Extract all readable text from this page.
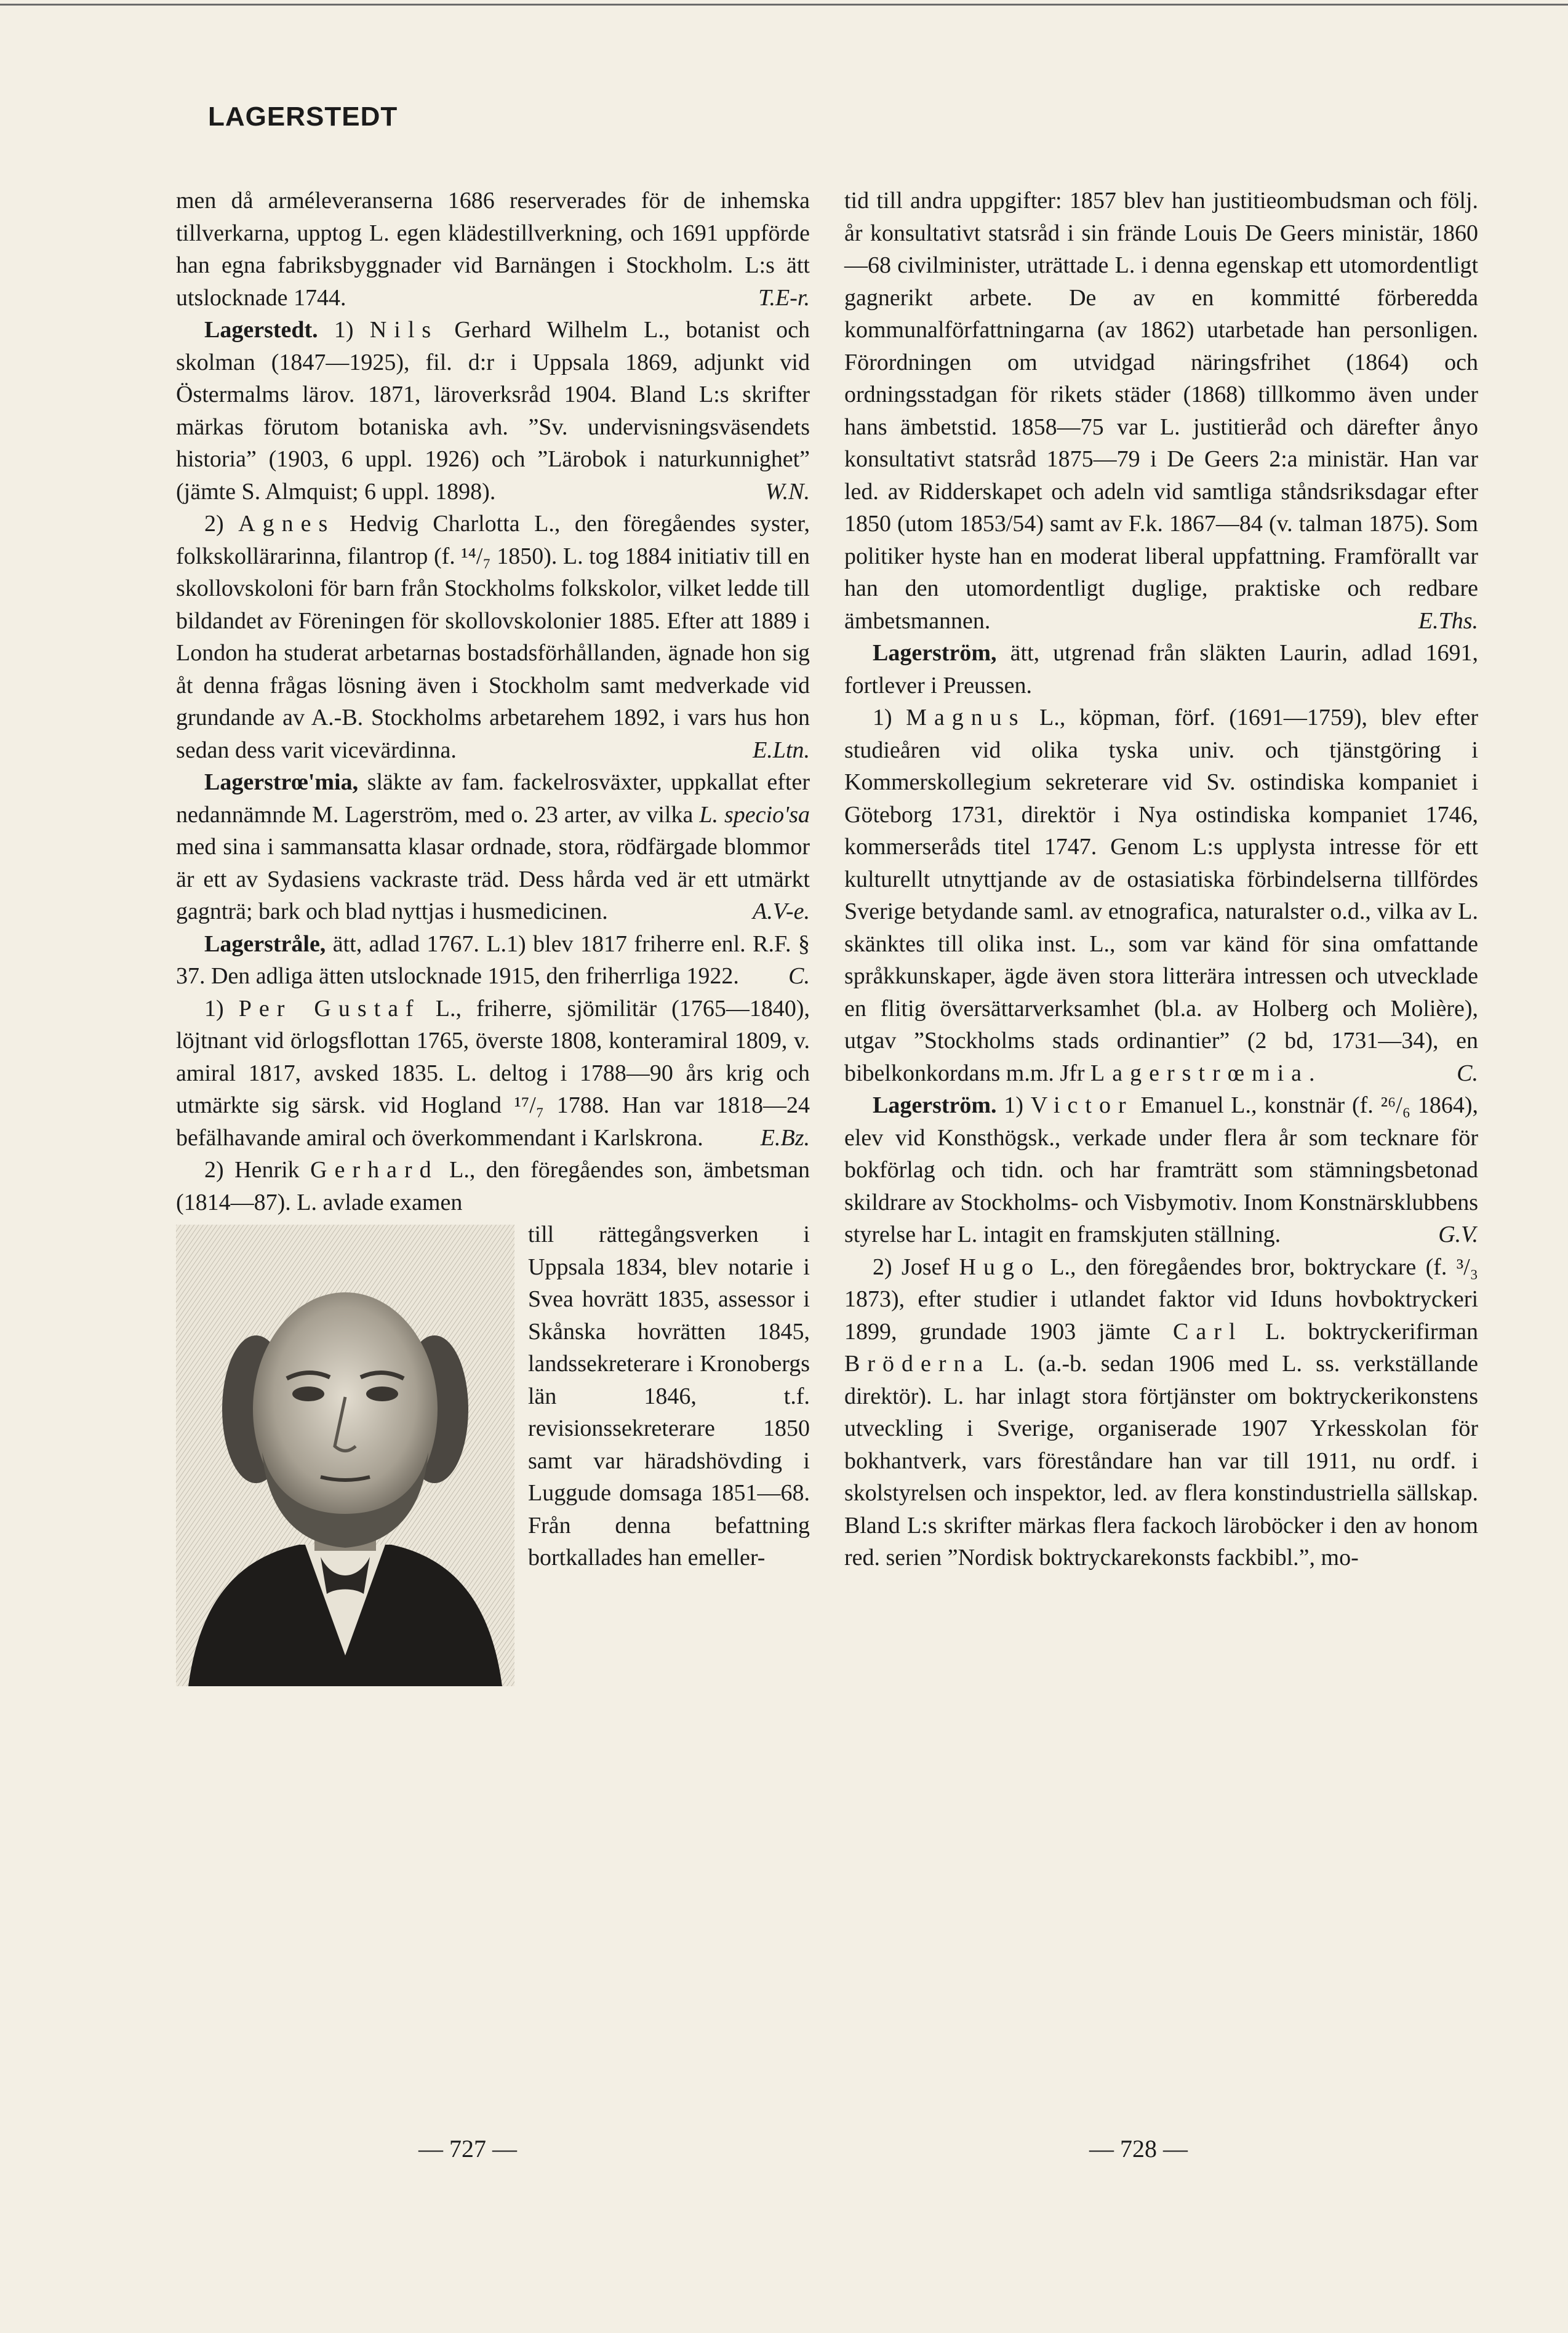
LAGERSTEDT

men då arméleveranserna 1686 reserverades för de inhemska tillverkarna, upptog L. egen klädestillverkning, och 1691 uppförde han egna fabriksbyggnader vid Barnängen i Stockholm. L:s ätt utslocknade 1744.	T.E-r.

Lagerstedt. 1) Nils Gerhard Wilhelm L., botanist och skolman (1847—1925), fil. d:r i Uppsala 1869, adjunkt vid Östermalms lärov. 1871, läroverksråd 1904. Bland L:s skrifter märkas förutom botaniska avh. ”Sv. undervisningsväsendets historia” (1903, 6 uppl. 1926) och ”Lärobok i naturkunnighet” (jämte S. Almquist; 6 uppl. 1898).	W.N.

2) Agnes Hedvig Charlotta L., den föregåendes syster, folkskollärarinna, filantrop (f. ¹⁴/₇ 1850). L. tog 1884 initiativ till en skollovskoloni för barn från Stockholms folkskolor, vilket ledde till bildandet av Föreningen för skollovskolonier 1885. Efter att 1889 i London ha studerat arbetarnas bostadsförhållanden, ägnade hon sig åt denna frågas lösning även i Stockholm samt medverkade vid grundande av A.-B. Stockholms arbetarehem 1892, i vars hus hon sedan dess varit vicevärdinna.	E.Ltn.

Lagerstrœ'mia, släkte av fam. fackelrosväxter, uppkallat efter nedannämnde M. Lagerström, med o. 23 arter, av vilka L. specio'sa med sina i sammansatta klasar ordnade, stora, rödfärgade blommor är ett av Sydasiens vackraste träd. Dess hårda ved är ett utmärkt gagnträ; bark och blad nyttjas i husmedicinen.	A.V-e.

Lagerstråle, ätt, adlad 1767. L.1) blev 1817 friherre enl. R.F. § 37. Den adliga ätten utslocknade 1915, den friherrliga 1922.	C.

1) Per Gustaf L., friherre, sjömilitär (1765—1840), löjtnant vid örlogsflottan 1765, överste 1808, konteramiral 1809, v. amiral 1817, avsked 1835. L. deltog i 1788—90 års krig och utmärkte sig särsk. vid Hogland ¹⁷/₇ 1788. Han var 1818—24 befälhavande amiral och överkommendant i Karlskrona.	E.Bz.

2) Henrik Gerhard L., den föregåendes son, ämbetsman (1814—87). L. avlade examen

till rättegångsverken i Uppsala 1834, blev notarie i Svea hovrätt 1835, assessor i Skånska hovrätten 1845, landssekreterare i Kronobergs län 1846, t.f. revisionssekreterare 1850 samt var häradshövding i Luggude domsaga 1851—68. Från denna befattning bortkallades han emeller-

tid till andra uppgifter: 1857 blev han justitieombudsman och följ. år konsultativt statsråd i sin frände Louis De Geers ministär, 1860—68 civilminister, uträttade L. i denna egenskap ett utomordentligt gagnerikt arbete. De av en kommitté förberedda kommunalförfattningarna (av 1862) utarbetade han personligen. Förordningen om utvidgad näringsfrihet (1864) och ordningsstadgan för rikets städer (1868) tillkommo även under hans ämbetstid. 1858—75 var L. justitieråd och därefter ånyo konsultativt statsråd 1875—79 i De Geers 2:a ministär. Han var led. av Ridderskapet och adeln vid samtliga ståndsriksdagar efter 1850 (utom 1853/54) samt av F.k. 1867—84 (v. talman 1875). Som politiker hyste han en moderat liberal uppfattning. Framförallt var han den utomordentligt duglige, praktiske och redbare ämbetsmannen.	E.Ths.

Lagerström, ätt, utgrenad från släkten Laurin, adlad 1691, fortlever i Preussen.

1) Magnus L., köpman, förf. (1691—1759), blev efter studieåren vid olika tyska univ. och tjänstgöring i Kommerskollegium sekreterare vid Sv. ostindiska kompaniet i Göteborg 1731, direktör i Nya ostindiska kompaniet 1746, kommerseråds titel 1747. Genom L:s upplysta intresse för ett kulturellt utnyttjande av de ostasiatiska förbindelserna tillfördes Sverige betydande saml. av etnografica, naturalster o.d., vilka av L. skänktes till olika inst. L., som var känd för sina omfattande språkkunskaper, ägde även stora litterära intressen och utvecklade en flitig översättarverksamhet (bl.a. av Holberg och Molière), utgav ”Stockholms stads ordinantier” (2 bd, 1731—34), en bibelkonkordans m.m. Jfr Lagerstrœmia.	C.

Lagerström. 1) Victor Emanuel L., konstnär (f. ²⁶/₆ 1864), elev vid Konsthögsk., verkade under flera år som tecknare för bokförlag och tidn. och har framträtt som stämningsbetonad skildrare av Stockholms- och Visbymotiv. Inom Konstnärsklubbens styrelse har L. intagit en framskjuten ställning.	G.V.

2) Josef Hugo L., den föregåendes bror, boktryckare (f. ³/₃ 1873), efter studier i utlandet faktor vid Iduns hovboktryckeri 1899, grundade 1903 jämte Carl L. boktryckerifirman Bröderna L. (a.-b. sedan 1906 med L. ss. verkställande direktör). L. har inlagt stora förtjänster om boktryckerikonstens utveckling i Sverige, organiserade 1907 Yrkesskolan för bokhantverk, vars föreståndare han var till 1911, nu ordf. i skolstyrelsen och inspektor, led. av flera konstindustriella sällskap. Bland L:s skrifter märkas flera fackoch läroböcker i den av honom red. serien ”Nordisk boktryckarekonsts fackbibl.”, mo-

— 727 —	— 728 —
